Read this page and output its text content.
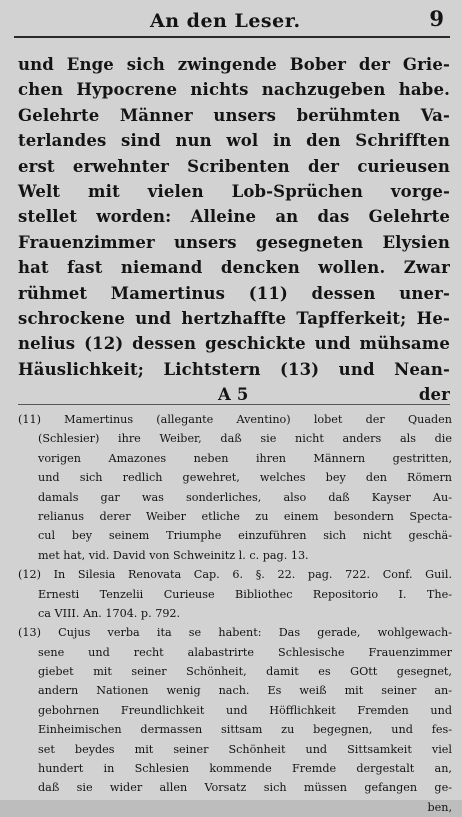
An den Leser.	9
und Enge sich zwingende Bober der Grie-
chen Hypocrene nichts nachzugeben habe.
Gelehrte Männer unsers berühmten Va-
terlandes sind nun wol in den Schrifften
erst erwehnter Scribenten der curieusen
Welt mit vielen Lob-Sprüchen vorge-
stellet worden: Alleine an das Gelehrte
Frauenzimmer unsers gesegneten Elysien
hat fast niemand dencken wollen. Zwar
rühmet Mamertinus (11) dessen uner-
schrockene und hertzhaffte Tapfferkeit; He-
nelius (12) dessen geschickte und mühsame
Häuslichkeit; Lichtstern (13) und Nean-
A 5	der
(11) Mamertinus (allegante Aventino) lobet der Quaden
(Schlesier) ihre Weiber, daß sie nicht anders als die
vorigen Amazones neben ihren Männern gestritten,
und sich redlich gewehret, welches bey den Römern
damals gar was sonderliches, also daß Kayser Au-
relianus derer Weiber etliche zu einem besondern Specta-
cul bey seinem Triumphe einzuführen sich nicht geschä-
met hat, vid. David von Schweinitz l. c. pag. 13.
(12) In Silesia Renovata Cap. 6. §. 22. pag. 722. Conf. Guil.
Ernesti Tenzelii Curieuse Bibliothec Repositorio I. The-
ca VIII. An. 1704. p. 792.
(13) Cujus verba ita se habent: Das gerade, wohlgewach-
sene und recht alabastrirte Schlesische Frauenzimmer
giebet mit seiner Schönheit, damit es GOtt gesegnet,
andern Nationen wenig nach. Es weiß mit seiner an-
gebohrnen Freundlichkeit und Höfflichkeit Fremden und
Einheimischen dermassen sittsam zu begegnen, und fes-
set beydes mit seiner Schönheit und Sittsamkeit viel
hundert in Schlesien kommende Fremde dergestalt an,
daß sie wider allen Vorsatz sich müssen gefangen ge-
ben,
